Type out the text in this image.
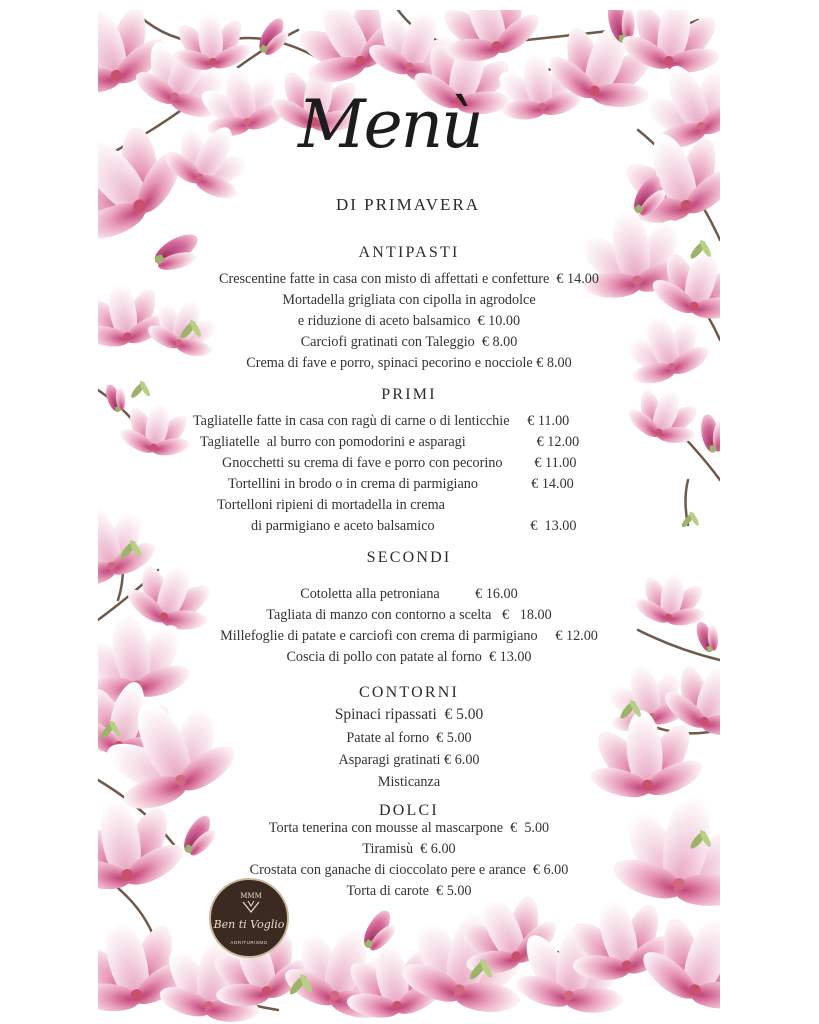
Menù
DI PRIMAVERA
ANTIPASTI
Crescentine fatte in casa con misto di affettati e confetture  € 14.00
Mortadella grigliata con cipolla in agrodolce
e riduzione di aceto balsamico  € 10.00
Carciofi gratinati con Taleggio  € 8.00
Crema di fave e porro, spinaci pecorino e nocciole € 8.00
PRIMI
Tagliatelle fatte in casa con ragù di carne o di lenticchie     € 11.00
Tagliatelle  al burro con pomodorini e asparagi                    € 12.00
Gnocchetti su crema di fave e porro con pecorino         € 11.00
Tortellini in brodo o in crema di parmigiano               € 14.00
Tortelloni ripieni di mortadella in crema
di parmigiano e aceto balsamico                           €  13.00
SECONDI
Cotoletta alla petroniana          € 16.00
Tagliata di manzo con contorno a scelta   €   18.00
Millefoglie di patate e carciofi con crema di parmigiano     € 12.00
Coscia di pollo con patate al forno  € 13.00
CONTORNI
Spinaci ripassati  € 5.00
Patate al forno  € 5.00
Asparagi gratinati € 6.00
Misticanza
DOLCI
Torta tenerina con mousse al mascarpone  €  5.00
Tiramisù  € 6.00
Crostata con ganache di cioccolato pere e arance  € 6.00
Torta di carote  € 5.00
MMM
Ben ti Voglio
AGRITURISMO
